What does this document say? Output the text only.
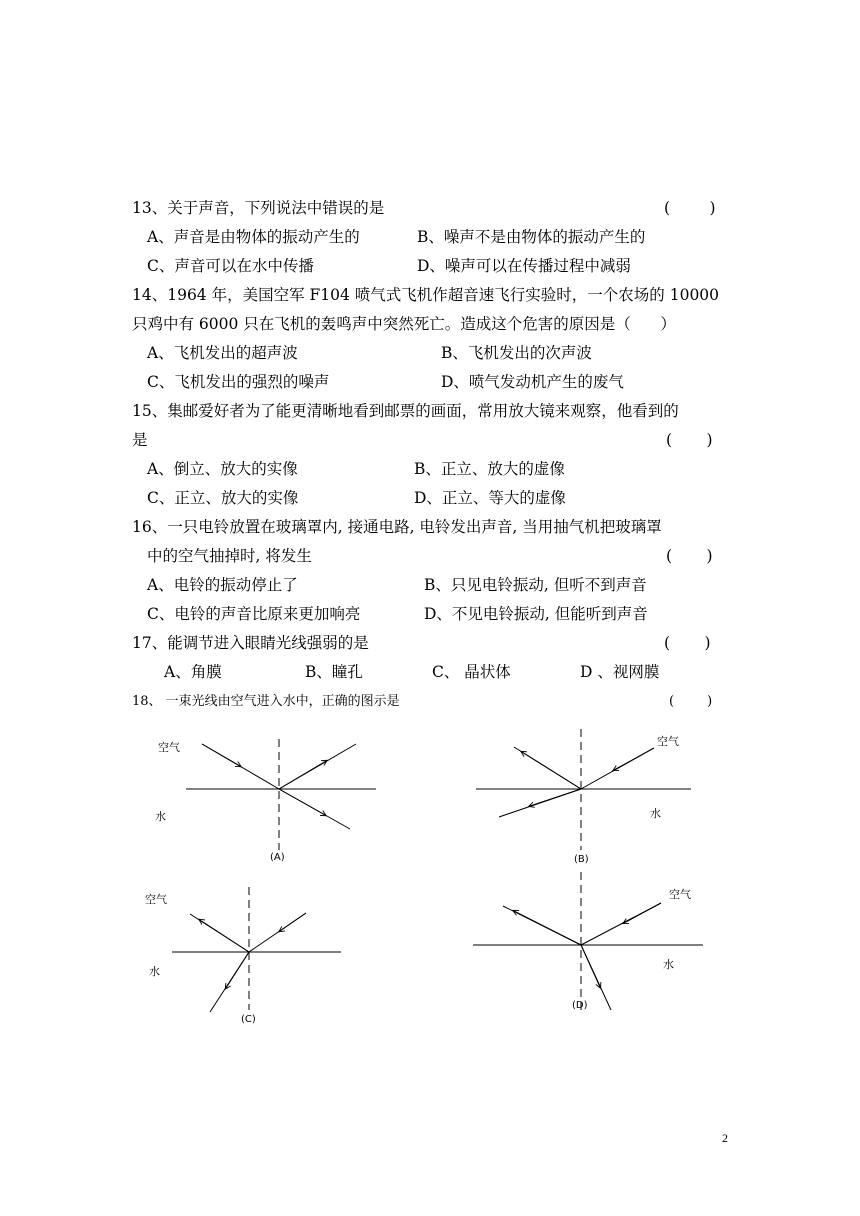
13、关于声音，下列说法中错误的是	(        )
A、声音是由物体的振动产生的	B、噪声不是由物体的振动产生的
C、声音可以在水中传播	D、噪声可以在传播过程中减弱
14、1964 年，美国空军 F104 喷气式飞机作超音速飞行实验时，一个农场的 10000
只鸡中有 6000 只在飞机的轰鸣声中突然死亡。造成这个危害的原因是（      ）
A、飞机发出的超声波	B、飞机发出的次声波
C、飞机发出的强烈的噪声	D、喷气发动机产生的废气
15、集邮爱好者为了能更清晰地看到邮票的画面，常用放大镜来观察，他看到的
是	(       )
A、倒立、放大的实像	B、正立、放大的虚像
C、正立、放大的实像	D、正立、等大的虚像
16、一只电铃放置在玻璃罩内, 接通电路, 电铃发出声音, 当用抽气机把玻璃罩
中的空气抽掉时, 将发生	(       )
A、电铃的振动停止了	B、只见电铃振动, 但听不到声音
C、电铃的声音比原来更加响亮	D、不见电铃振动, 但能听到声音
17、能调节进入眼睛光线强弱的是	(       )
A、角膜	B、瞳孔	C、 晶状体	D 、视网膜
18、 一束光线由空气进入水中，正确的图示是	(        )
空气
水
(A)
空气
水
(B)
空气
水
(C)
空气
水
(D)
2
